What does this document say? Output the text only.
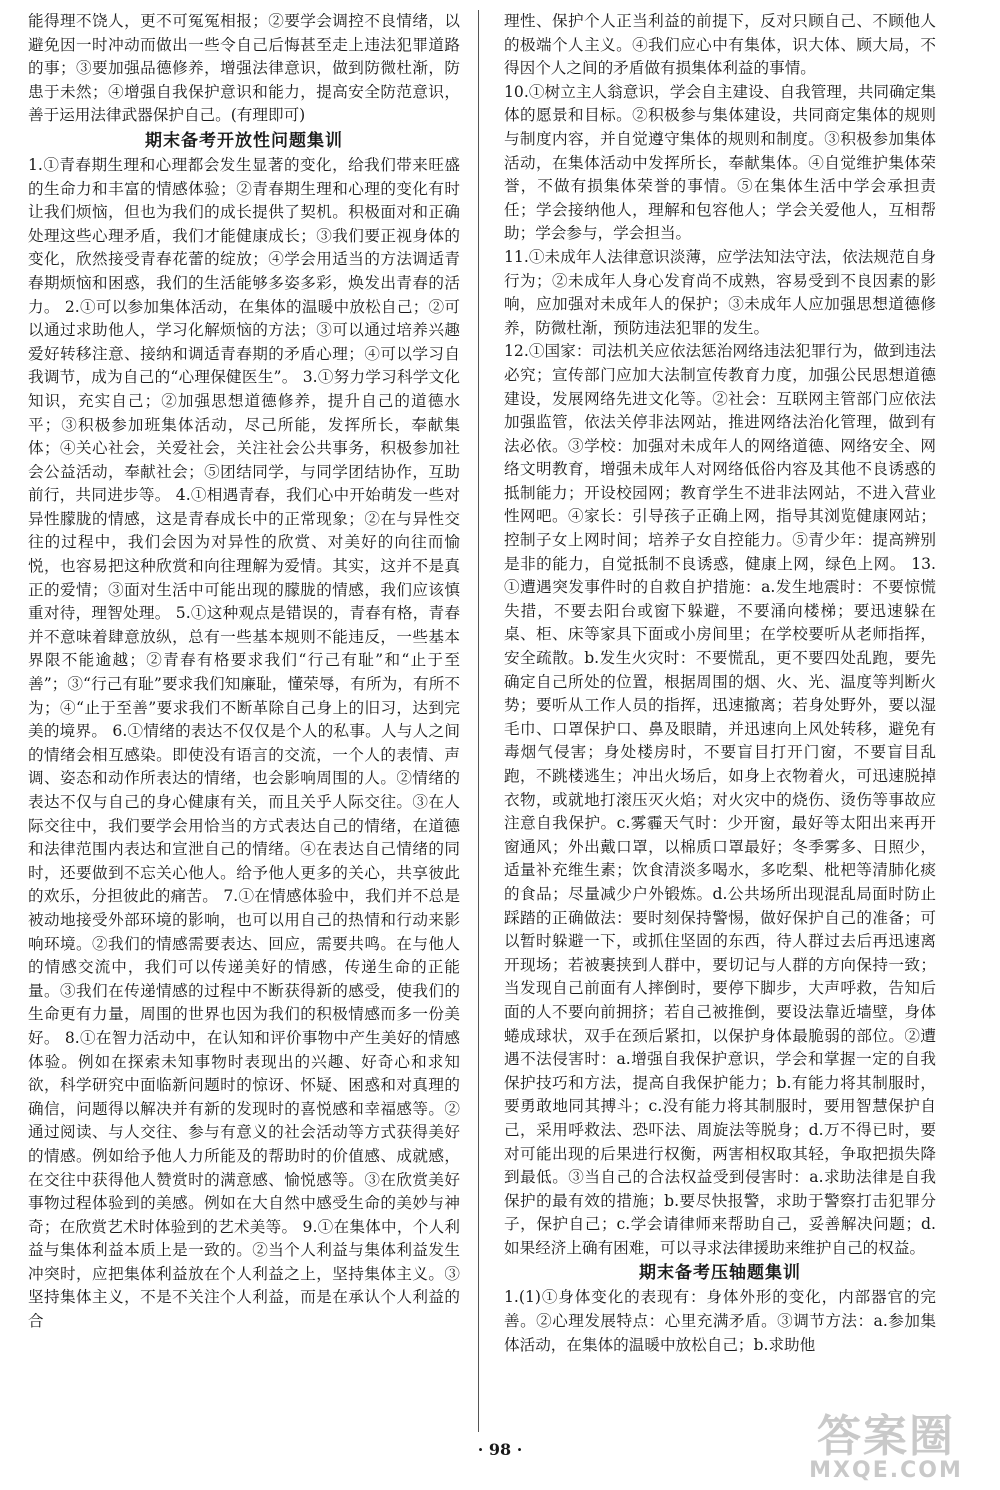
能得理不饶人，更不可冤冤相报；②要学会调控不良情绪，以避免因一时冲动而做出一些令自己后悔甚至走上违法犯罪道路的事；③要加强品德修养，增强法律意识，做到防微杜渐，防患于未然；④增强自我保护意识和能力，提高安全防范意识，善于运用法律武器保护自己。(有理即可)

期末备考开放性问题集训

1.①青春期生理和心理都会发生显著的变化，给我们带来旺盛的生命力和丰富的情感体验；②青春期生理和心理的变化有时让我们烦恼，但也为我们的成长提供了契机。积极面对和正确处理这些心理矛盾，我们才能健康成长；③我们要正视身体的变化，欣然接受青春花蕾的绽放；④学会用适当的方法调适青春期烦恼和困惑，我们的生活能够多姿多彩，焕发出青春的活力。 2.①可以参加集体活动，在集体的温暖中放松自己；②可以通过求助他人，学习化解烦恼的方法；③可以通过培养兴趣爱好转移注意、接纳和调适青春期的矛盾心理；④可以学习自我调节，成为自己的“心理保健医生”。 3.①努力学习科学文化知识，充实自己；②加强思想道德修养，提升自己的道德水平；③积极参加班集体活动，尽己所能，发挥所长，奉献集体；④关心社会，关爱社会，关注社会公共事务，积极参加社会公益活动，奉献社会；⑤团结同学，与同学团结协作，互助前行，共同进步等。 4.①相遇青春，我们心中开始萌发一些对异性朦胧的情感，这是青春成长中的正常现象；②在与异性交往的过程中，我们会因为对异性的欣赏、对美好的向往而愉悦，也容易把这种欣赏和向往理解为爱情。其实，这并不是真正的爱情；③面对生活中可能出现的朦胧的情感，我们应该慎重对待，理智处理。 5.①这种观点是错误的，青春有格，青春并不意味着肆意放纵，总有一些基本规则不能违反，一些基本界限不能逾越；②青春有格要求我们“行己有耻”和“止于至善”；③“行己有耻”要求我们知廉耻，懂荣辱，有所为，有所不为；④“止于至善”要求我们不断革除自己身上的旧习，达到完美的境界。 6.①情绪的表达不仅仅是个人的私事。人与人之间的情绪会相互感染。即使没有语言的交流，一个人的表情、声调、姿态和动作所表达的情绪，也会影响周围的人。②情绪的表达不仅与自己的身心健康有关，而且关乎人际交往。③在人际交往中，我们要学会用恰当的方式表达自己的情绪，在道德和法律范围内表达和宣泄自己的情绪。④在表达自己情绪的同时，还要做到不忘关心他人。给予他人更多的关心，共享彼此的欢乐，分担彼此的痛苦。 7.①在情感体验中，我们并不总是被动地接受外部环境的影响，也可以用自己的热情和行动来影响环境。②我们的情感需要表达、回应，需要共鸣。在与他人的情感交流中，我们可以传递美好的情感，传递生命的正能量。③我们在传递情感的过程中不断获得新的感受，使我们的生命更有力量，周围的世界也因为我们的积极情感而多一份美好。 8.①在智力活动中，在认知和评价事物中产生美好的情感体验。例如在探索未知事物时表现出的兴趣、好奇心和求知欲，科学研究中面临新问题时的惊讶、怀疑、困惑和对真理的确信，问题得以解决并有新的发现时的喜悦感和幸福感等。②通过阅读、与人交往、参与有意义的社会活动等方式获得美好的情感。例如给予他人力所能及的帮助时的价值感、成就感，在交往中获得他人赞赏时的满意感、愉悦感等。③在欣赏美好事物过程体验到的美感。例如在大自然中感受生命的美妙与神奇；在欣赏艺术时体验到的艺术美等。 9.①在集体中，个人利益与集体利益本质上是一致的。②当个人利益与集体利益发生冲突时，应把集体利益放在个人利益之上，坚持集体主义。③坚持集体主义，不是不关注个人利益，而是在承认个人利益的合

理性、保护个人正当利益的前提下，反对只顾自己、不顾他人的极端个人主义。④我们应心中有集体，识大体、顾大局，不得因个人之间的矛盾做有损集体利益的事情。
10.①树立主人翁意识，学会自主建设、自我管理，共同确定集体的愿景和目标。②积极参与集体建设，共同商定集体的规则与制度内容，并自觉遵守集体的规则和制度。③积极参加集体活动，在集体活动中发挥所长，奉献集体。④自觉维护集体荣誉，不做有损集体荣誉的事情。⑤在集体生活中学会承担责任；学会接纳他人，理解和包容他人；学会关爱他人，互相帮助；学会参与，学会担当。
11.①未成年人法律意识淡薄，应学法知法守法，依法规范自身行为；②未成年人身心发育尚不成熟，容易受到不良因素的影响，应加强对未成年人的保护；③未成年人应加强思想道德修养，防微杜渐，预防违法犯罪的发生。
12.①国家：司法机关应依法惩治网络违法犯罪行为，做到违法必究；宣传部门应加大法制宣传教育力度，加强公民思想道德建设，发展网络先进文化等。②社会：互联网主管部门应依法加强监管，依法关停非法网站，推进网络法治化管理，做到有法必依。③学校：加强对未成年人的网络道德、网络安全、网络文明教育，增强未成年人对网络低俗内容及其他不良诱惑的抵制能力；开设校园网；教育学生不进非法网站，不进入营业性网吧。④家长：引导孩子正确上网，指导其浏览健康网站；控制子女上网时间；培养子女自控能力。⑤青少年：提高辨别是非的能力，自觉抵制不良诱惑，健康上网，绿色上网。 13.①遭遇突发事件时的自救自护措施：a.发生地震时：不要惊慌失措，不要去阳台或窗下躲避，不要涌向楼梯；要迅速躲在桌、柜、床等家具下面或小房间里；在学校要听从老师指挥，安全疏散。b.发生火灾时：不要慌乱，更不要四处乱跑，要先确定自己所处的位置，根据周围的烟、火、光、温度等判断火势；要听从工作人员的指挥，迅速撤离；若身处野外，要以湿毛巾、口罩保护口、鼻及眼睛，并迅速向上风处转移，避免有毒烟气侵害；身处楼房时，不要盲目打开门窗，不要盲目乱跑，不跳楼逃生；冲出火场后，如身上衣物着火，可迅速脱掉衣物，或就地打滚压灭火焰；对火灾中的烧伤、烫伤等事故应注意自我保护。c.雾霾天气时：少开窗，最好等太阳出来再开窗通风；外出戴口罩，以棉质口罩最好；冬季雾多、日照少，适量补充维生素；饮食清淡多喝水，多吃梨、枇杷等清肺化痰的食品；尽量减少户外锻炼。d.公共场所出现混乱局面时防止踩踏的正确做法：要时刻保持警惕，做好保护自己的准备；可以暂时躲避一下，或抓住坚固的东西，待人群过去后再迅速离开现场；若被裹挟到人群中，要切记与人群的方向保持一致；当发现自己前面有人摔倒时，要停下脚步，大声呼救，告知后面的人不要向前拥挤；若自己被推倒，要设法靠近墙壁，身体蜷成球状，双手在颈后紧扣，以保护身体最脆弱的部位。②遭遇不法侵害时：a.增强自我保护意识，学会和掌握一定的自我保护技巧和方法，提高自我保护能力；b.有能力将其制服时，要勇敢地同其搏斗；c.没有能力将其制服时，要用智慧保护自己，采用呼救法、恐吓法、周旋法等脱身；d.万不得已时，要对可能出现的后果进行权衡，两害相权取其轻，争取把损失降到最低。③当自己的合法权益受到侵害时：a.求助法律是自我保护的最有效的措施；b.要尽快报警，求助于警察打击犯罪分子，保护自己；c.学会请律师来帮助自己，妥善解决问题；d.如果经济上确有困难，可以寻求法律援助来维护自己的权益。

期末备考压轴题集训

1.(1)①身体变化的表现有：身体外形的变化，内部器官的完善。②心理发展特点：心里充满矛盾。③调节方法：a.参加集体活动，在集体的温暖中放松自己；b.求助他

· 98 ·	答案圈
MXQE.COM
